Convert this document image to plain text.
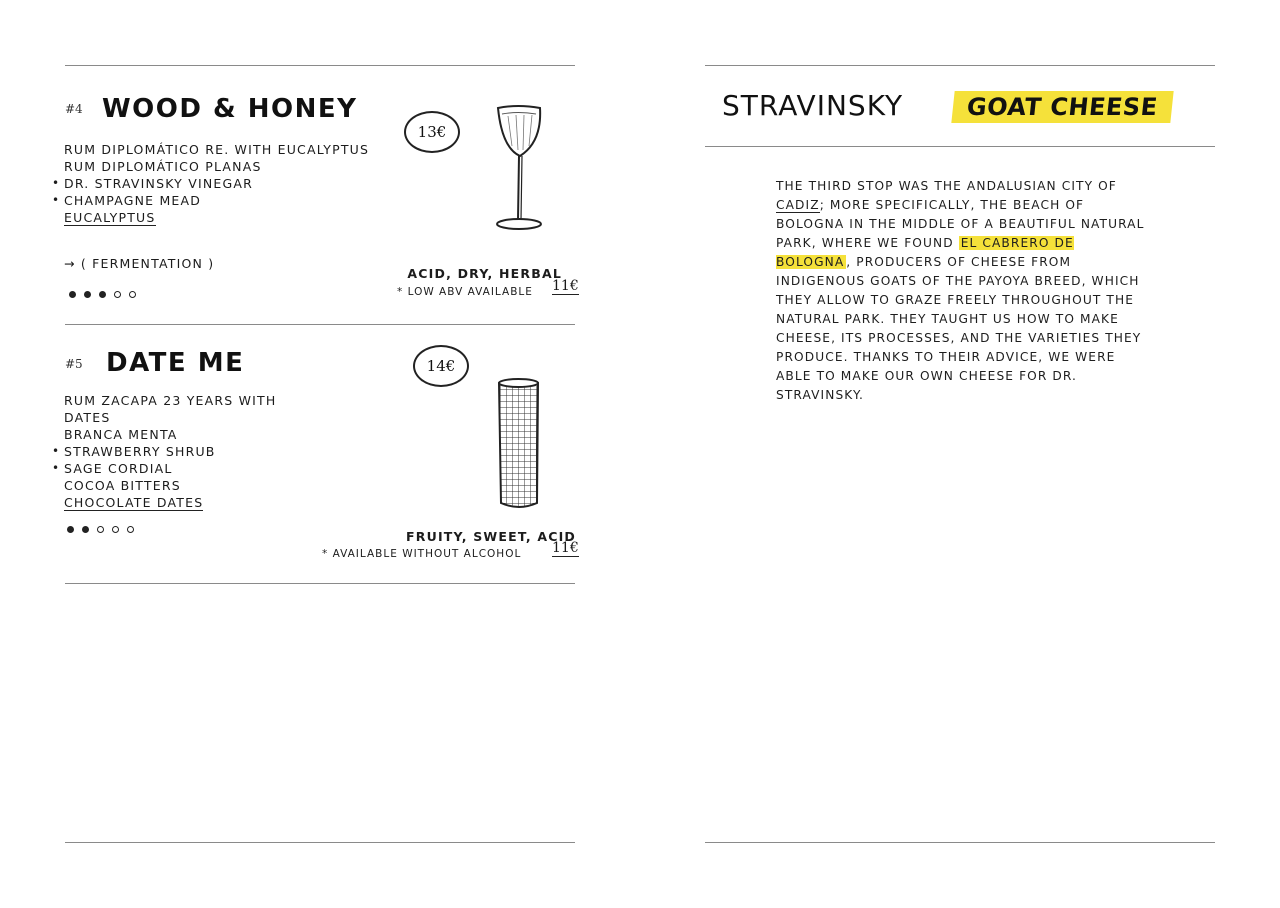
#4 WOOD & HONEY
13€
RUM DIPLOMÁTICO RE. WITH EUCALYPTUS
RUM DIPLOMÁTICO PLANAS
• DR. STRAVINSKY VINEGAR
• CHAMPAGNE MEAD
EUCALYPTUS
→ ( FERMENTATION )
ACID, DRY, HERBAL
* LOW ABV AVAILABLE 11€
#5 DATE ME	14€
RUM ZACAPA 23 YEARS WITH DATES
BRANCA MENTA
• STRAWBERRY SHRUB
• SAGE CORDIAL
COCOA BITTERS
CHOCOLATE DATES
FRUITY, SWEET, ACID
* AVAILABLE WITHOUT ALCOHOL 11€
STRAVINSKY	GOAT CHEESE
THE THIRD STOP WAS THE ANDALUSIAN CITY OF CADIZ; MORE SPECIFICALLY, THE BEACH OF BOLOGNA IN THE MIDDLE OF A BEAUTIFUL NATURAL PARK, WHERE WE FOUND EL CABRERO DE BOLOGNA , PRODUCERS OF CHEESE FROM INDIGENOUS GOATS OF THE PAYOYA BREED, WHICH THEY ALLOW TO GRAZE FREELY THROUGHOUT THE NATURAL PARK. THEY TAUGHT US HOW TO MAKE CHEESE, ITS PROCESSES, AND THE VARIETIES THEY PRODUCE. THANKS TO THEIR ADVICE, WE WERE ABLE TO MAKE OUR OWN CHEESE FOR DR. STRAVINSKY.
